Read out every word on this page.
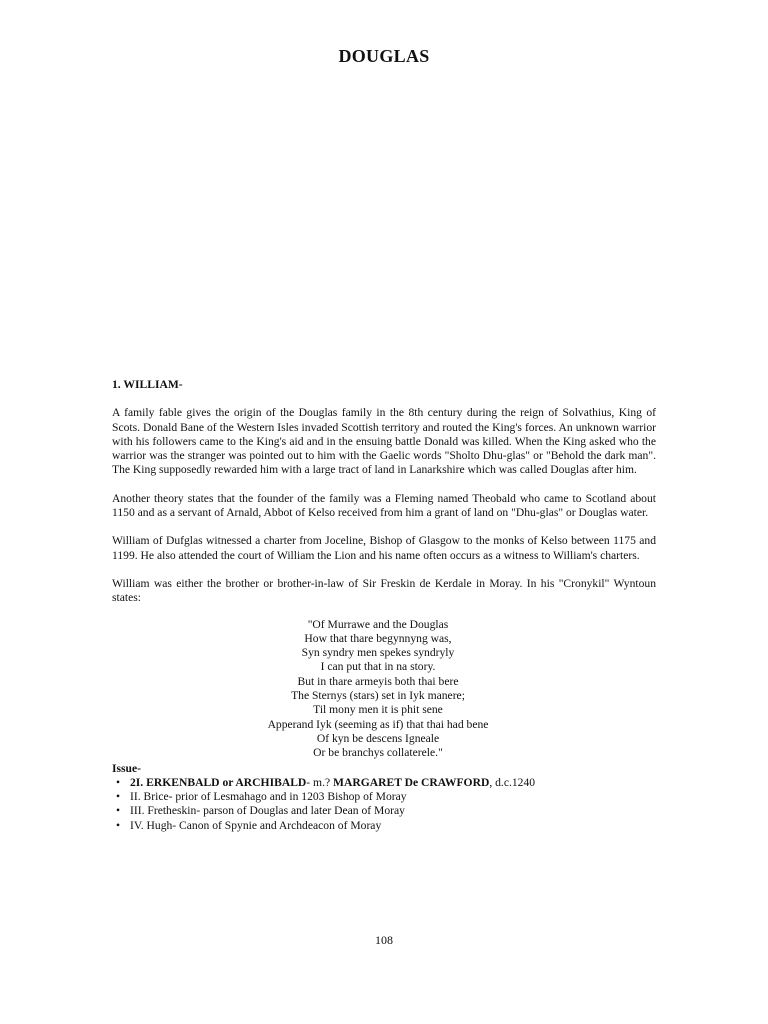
DOUGLAS
1. WILLIAM-

A family fable gives the origin of the Douglas family in the 8th century during the reign of Solvathius, King of Scots. Donald Bane of the Western Isles invaded Scottish territory and routed the King's forces. An unknown warrior with his followers came to the King's aid and in the ensuing battle Donald was killed. When the King asked who the warrior was the stranger was pointed out to him with the Gaelic words "Sholto Dhu-glas" or "Behold the dark man". The King supposedly rewarded him with a large tract of land in Lanarkshire which was called Douglas after him.

Another theory states that the founder of the family was a Fleming named Theobald who came to Scotland about 1150 and as a servant of Arnald, Abbot of Kelso received from him a grant of land on "Dhu-glas" or Douglas water.

William of Dufglas witnessed a charter from Joceline, Bishop of Glasgow to the monks of Kelso between 1175 and 1199. He also attended the court of William the Lion and his name often occurs as a witness to William's charters.

William was either the brother or brother-in-law of Sir Freskin de Kerdale in Moray. In his "Cronykil" Wyntoun states:

"Of Murrawe and the Douglas
How that thare begynnyng was,
Syn syndry men spekes syndryly
I can put that in na story.
But in thare armeyis both thai bere
The Sternys (stars) set in Iyk manere;
Til mony men it is phit sene
Apperand Iyk (seeming as if) that thai had bene
Of kyn be descens Igneale
Or be branchys collaterele."
Issue-
• 2I. ERKENBALD or ARCHIBALD- m.? MARGARET De CRAWFORD, d.c.1240
• II. Brice- prior of Lesmahago and in 1203 Bishop of Moray
• III. Fretheskin- parson of Douglas and later Dean of Moray
• IV. Hugh- Canon of Spynie and Archdeacon of Moray
108
